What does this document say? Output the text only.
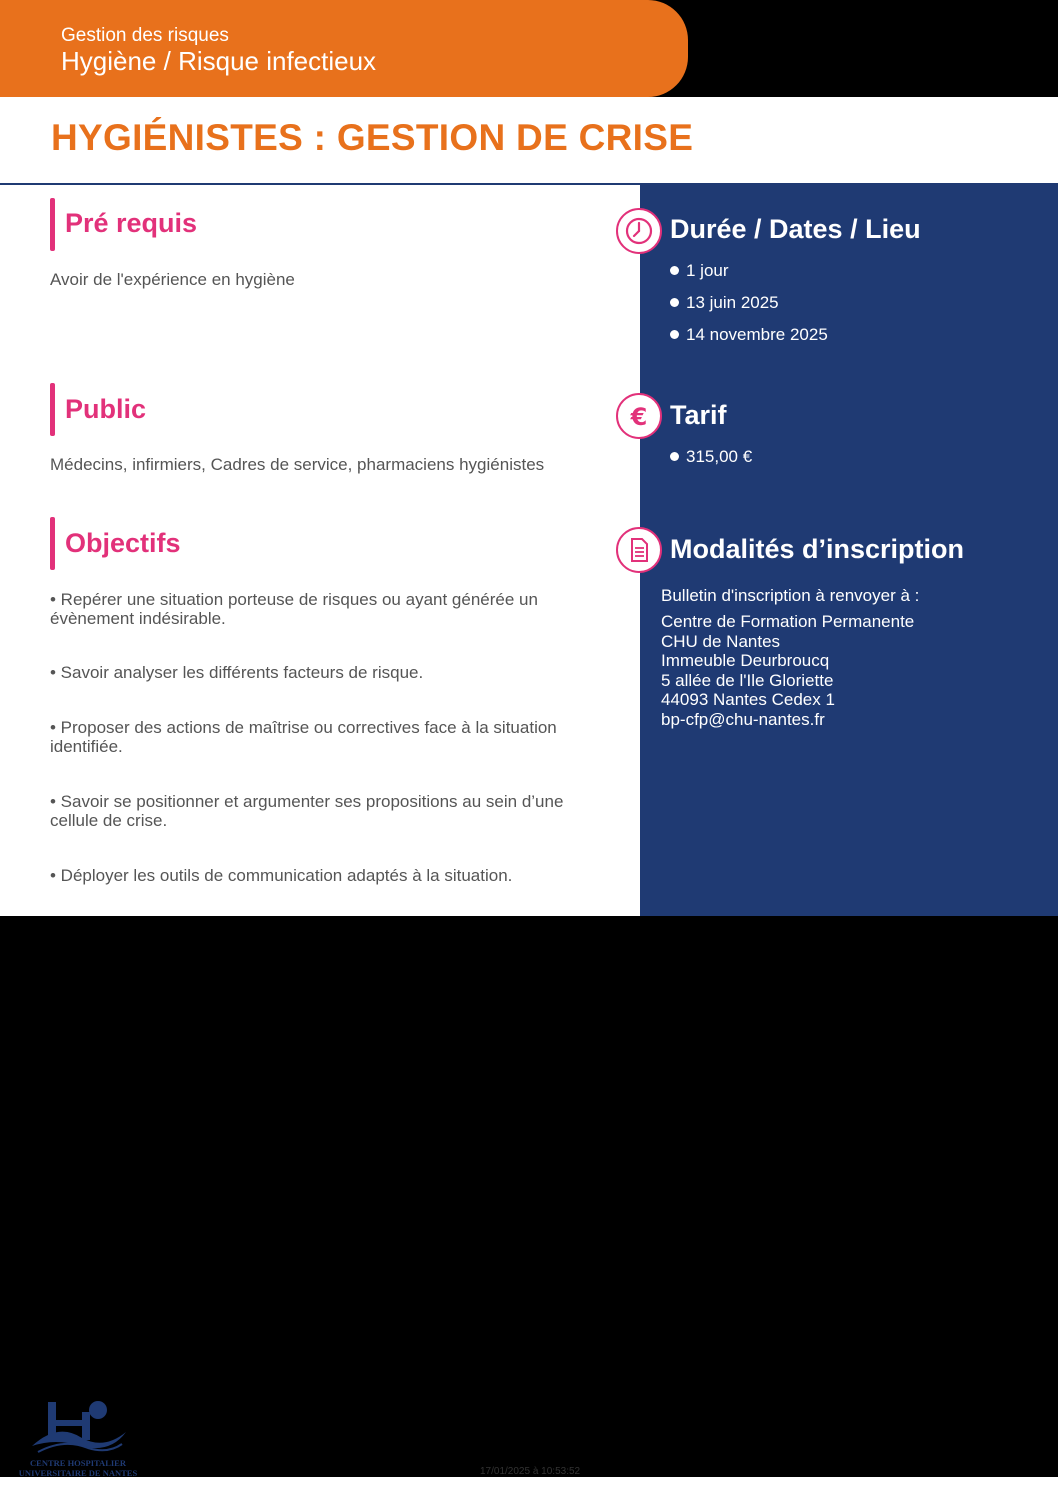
Gestion des risques
Hygiène / Risque infectieux
HYGIÉNISTES : GESTION DE CRISE
Pré requis
Avoir de l'expérience en hygiène
Public
Médecins, infirmiers, Cadres de service, pharmaciens hygiénistes
Objectifs
• Repérer une situation porteuse de risques ou ayant générée un évènement indésirable.
• Savoir analyser les différents facteurs de risque.
• Proposer des actions de maîtrise ou correctives face à la situation identifiée.
• Savoir se positionner et argumenter ses propositions au sein d’une cellule de crise.
• Déployer les outils de communication adaptés à la situation.
Durée / Dates / Lieu
1 jour
13 juin 2025
14 novembre 2025
€ Tarif
315,00 €
Modalités d’inscription
Bulletin d'inscription à renvoyer à :
Centre de Formation Permanente
CHU de Nantes
Immeuble Deurbroucq
5 allée de l'Ile Gloriette
44093 Nantes Cedex 1
bp-cfp@chu-nantes.fr
CENTRE HOSPITALIER
UNIVERSITAIRE DE NANTES	17/01/2025 à 10:53:52
